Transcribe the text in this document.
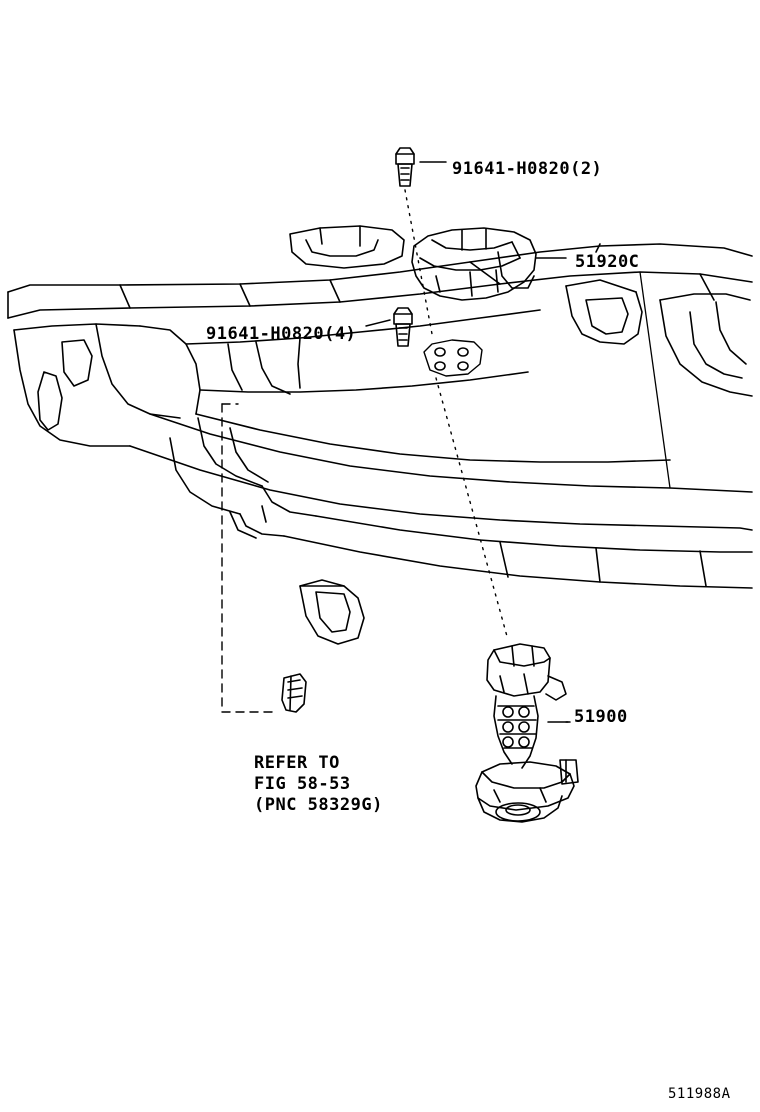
91641-H0820(2)
51920C
91641-H0820(4)
51900
REFER TO
FIG 58-53
(PNC 58329G)
511988A
